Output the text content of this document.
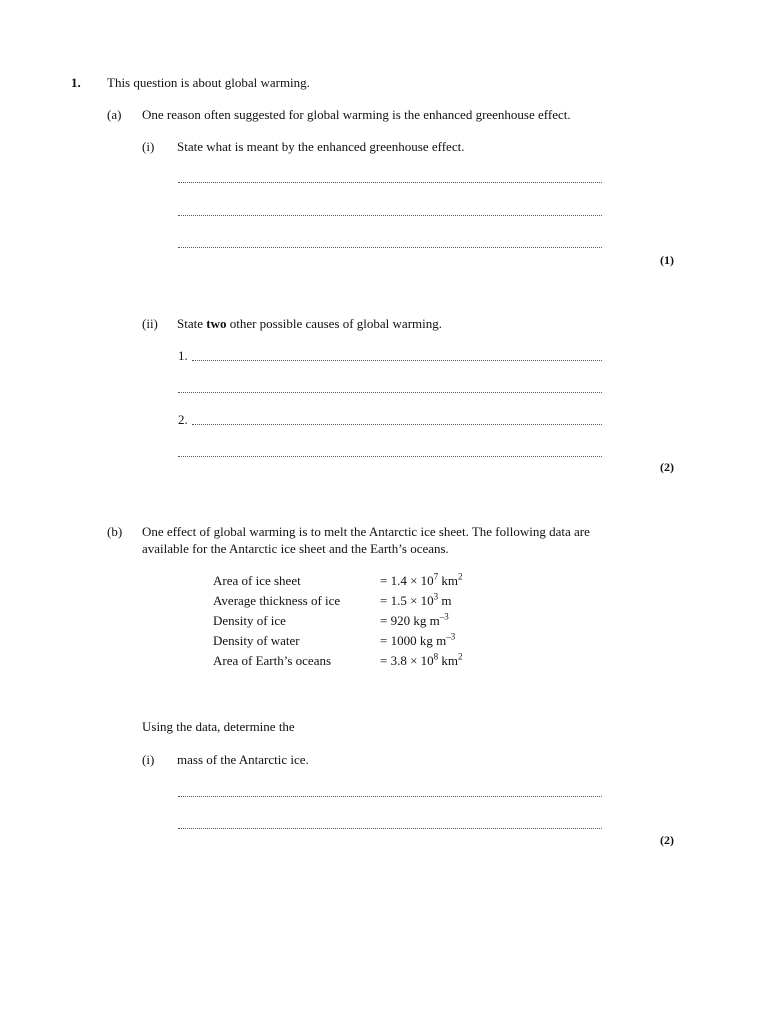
1. This question is about global warming.
(a) One reason often suggested for global warming is the enhanced greenhouse effect.
(i) State what is meant by the enhanced greenhouse effect.
(1)
(ii) State two other possible causes of global warming.
1.
2.
(2)
(b) One effect of global warming is to melt the Antarctic ice sheet. The following data are
available for the Antarctic ice sheet and the Earth’s oceans.
Area of ice sheet	= $1.4 \times 10^7$ $km^2$
Average thickness of ice	= $1.5 \times 10^3$ m
Density of ice	= 920 kg $m^{-3}$
Density of water	= 1000 kg $m^{-3}$
Area of Earth’s oceans	= $3.8 \times 10^8$ $km^2$
Using the data, determine the
(i) mass of the Antarctic ice.
(2)
